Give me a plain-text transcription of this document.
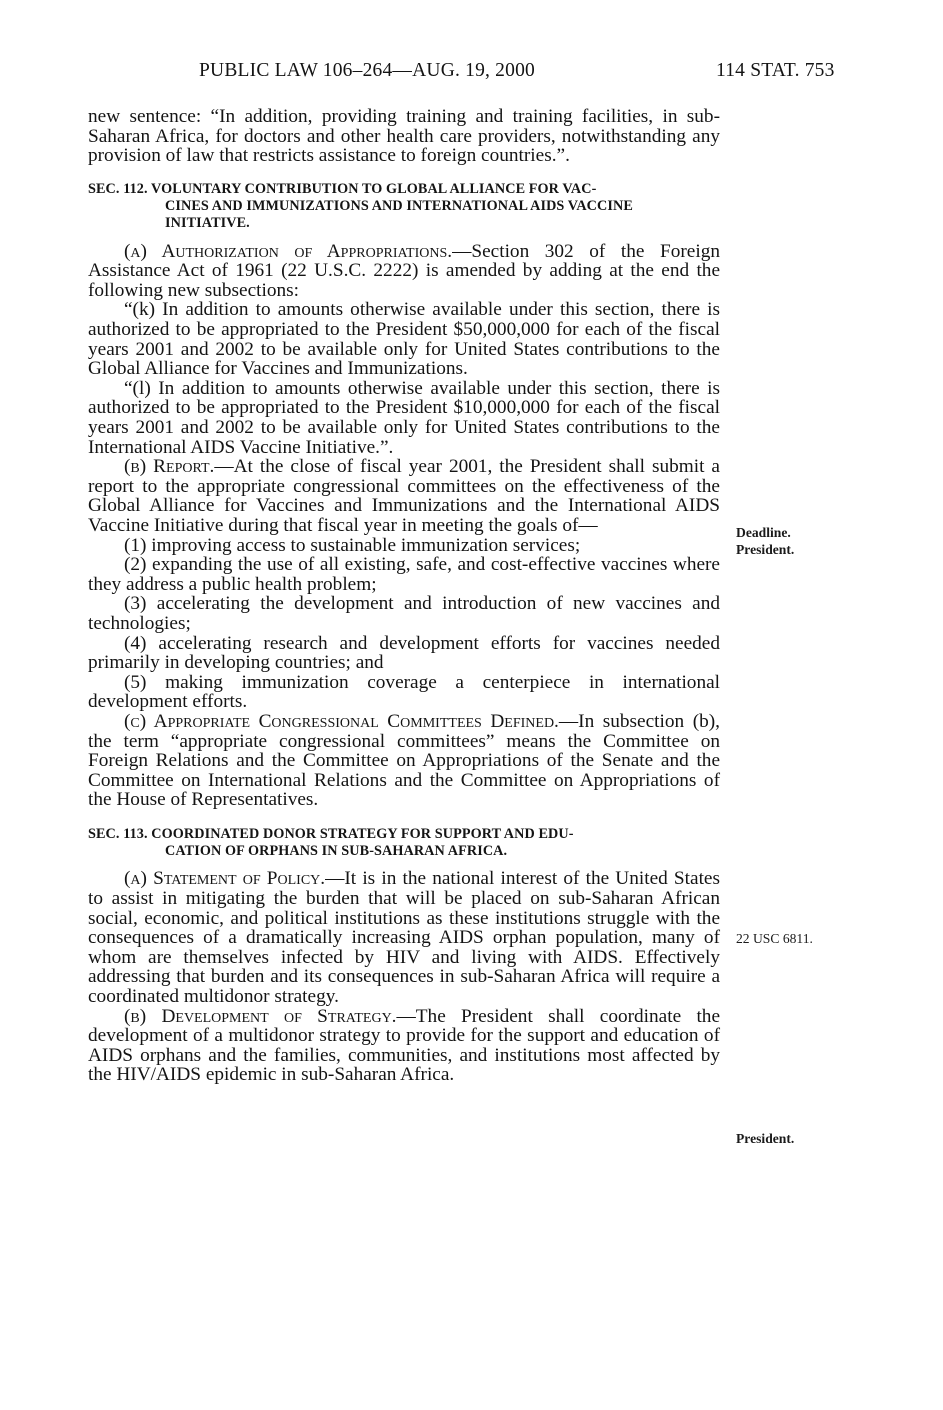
PUBLIC LAW 106–264—AUG. 19, 2000	114 STAT. 753

new sentence: “In addition, providing training and training facilities, in sub-Saharan Africa, for doctors and other health care providers, notwithstanding any provision of law that restricts assistance to foreign countries.”.

SEC. 112. VOLUNTARY CONTRIBUTION TO GLOBAL ALLIANCE FOR VAC-
CINES AND IMMUNIZATIONS AND INTERNATIONAL AIDS VACCINE INITIATIVE.

(a) Authorization of Appropriations.—Section 302 of the Foreign Assistance Act of 1961 (22 U.S.C. 2222) is amended by adding at the end the following new subsections:

“(k) In addition to amounts otherwise available under this section, there is authorized to be appropriated to the President $50,000,000 for each of the fiscal years 2001 and 2002 to be available only for United States contributions to the Global Alliance for Vaccines and Immunizations.

“(l) In addition to amounts otherwise available under this section, there is authorized to be appropriated to the President $10,000,000 for each of the fiscal years 2001 and 2002 to be available only for United States contributions to the International AIDS Vaccine Initiative.”.

(b) Report.—At the close of fiscal year 2001, the President shall submit a report to the appropriate congressional committees on the effectiveness of the Global Alliance for Vaccines and Immunizations and the International AIDS Vaccine Initiative during that fiscal year in meeting the goals of—

(1) improving access to sustainable immunization services;

(2) expanding the use of all existing, safe, and cost-effective vaccines where they address a public health problem;

(3) accelerating the development and introduction of new vaccines and technologies;

(4) accelerating research and development efforts for vaccines needed primarily in developing countries; and

(5) making immunization coverage a centerpiece in international development efforts.

(c) Appropriate Congressional Committees Defined.—In subsection (b), the term “appropriate congressional committees” means the Committee on Foreign Relations and the Committee on Appropriations of the Senate and the Committee on International Relations and the Committee on Appropriations of the House of Representatives.

SEC. 113. COORDINATED DONOR STRATEGY FOR SUPPORT AND EDU-
CATION OF ORPHANS IN SUB-SAHARAN AFRICA.

(a) Statement of Policy.—It is in the national interest of the United States to assist in mitigating the burden that will be placed on sub-Saharan African social, economic, and political institutions as these institutions struggle with the consequences of a dramatically increasing AIDS orphan population, many of whom are themselves infected by HIV and living with AIDS. Effectively addressing that burden and its consequences in sub-Saharan Africa will require a coordinated multidonor strategy.

(b) Development of Strategy.—The President shall coordinate the development of a multidonor strategy to provide for the support and education of AIDS orphans and the families, communities, and institutions most affected by the HIV/AIDS epidemic in sub-Saharan Africa.

Deadline.
President.
22 USC 6811.
President.
